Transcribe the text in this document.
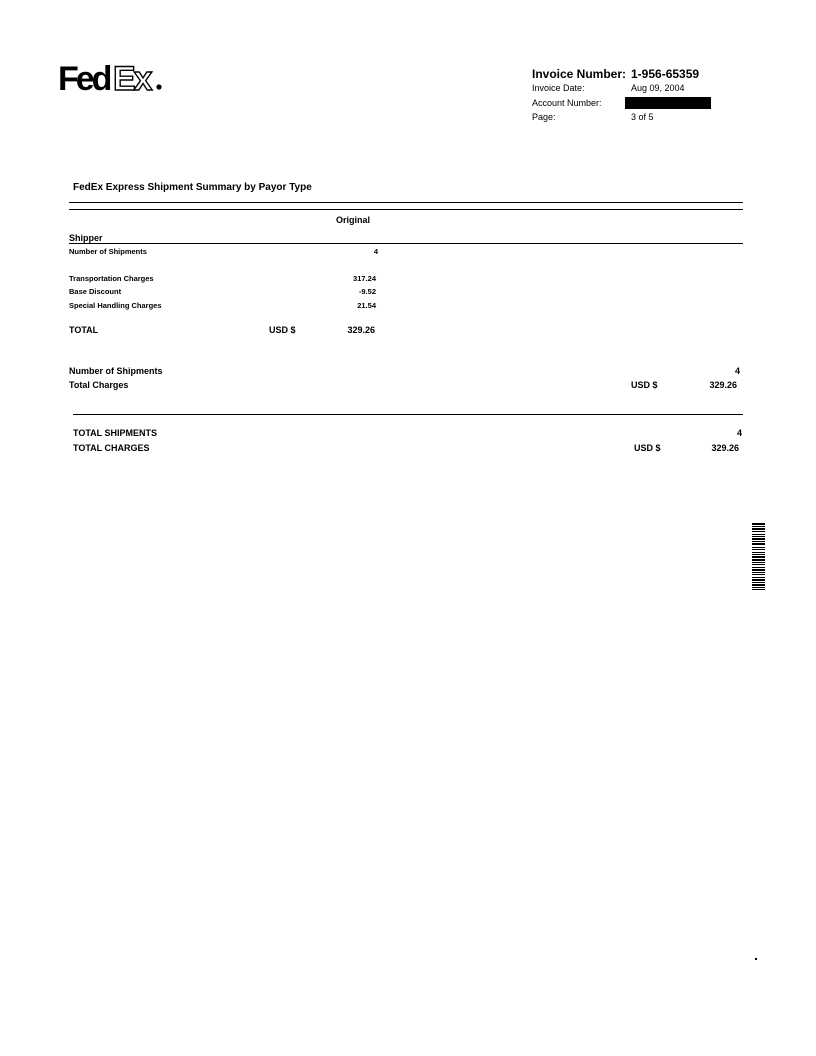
Fed Ex	Invoice Number: 1-956-65359
Invoice Date:	Aug 09, 2004
Account Number:
Page:	3 of 5
FedEx Express Shipment Summary by Payor Type
Original
Shipper
Number of Shipments	4
Transportation Charges	317.24
Base Discount	-9.52
Special Handling Charges	21.54
TOTAL	USD $	329.26
Number of Shipments	4
Total Charges	USD $	329.26
TOTAL SHIPMENTS	4
TOTAL CHARGES	USD $	329.26
